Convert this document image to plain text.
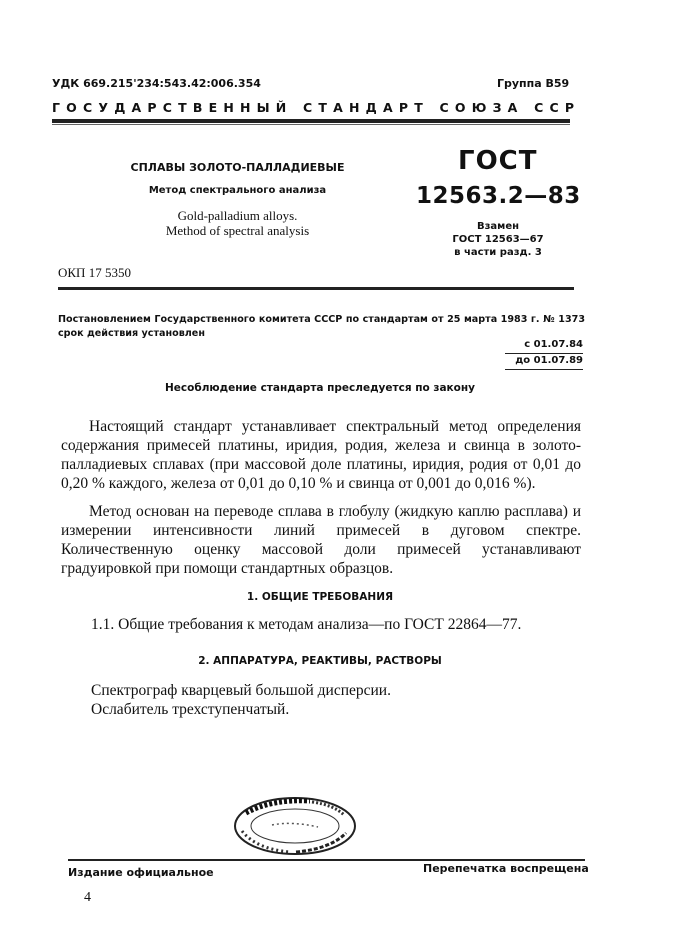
УДК 669.215'234:543.42:006.354	Группа В59
ГОСУДАРСТВЕННЫЙ СТАНДАРТ СОЮЗА ССР
СПЛАВЫ ЗОЛОТО-ПАЛЛАДИЕВЫЕ
Метод спектрального анализа
Gold-palladium alloys.
Method of spectral analysis
ГОСТ
12563.2—83
Взамен
ГОСТ 12563—67
в части разд. 3
ОКП 17 5350
Постановлением Государственного комитета СССР по стандартам от 25 марта 1983 г. № 1373 срок действия установлен
с 01.07.84
до 01.07.89
Несоблюдение стандарта преследуется по закону
Настоящий стандарт устанавливает спектральный метод определения содержания примесей платины, иридия, родия, железа и свинца в золото-палладиевых сплавах (при массовой доле платины, иридия, родия от 0,01 до 0,20 % каждого, железа от 0,01 до 0,10 % и свинца от 0,001 до 0,016 %).
Метод основан на переводе сплава в глобулу (жидкую каплю расплава) и измерении интенсивности линий примесей в дуговом спектре. Количественную оценку массовой доли примесей устанавливают градуировкой при помощи стандартных образцов.
1. ОБЩИЕ ТРЕБОВАНИЯ
1.1. Общие требования к методам анализа—по ГОСТ 22864—77.
2. АППАРАТУРА, РЕАКТИВЫ, РАСТВОРЫ
Спектрограф кварцевый большой дисперсии.
Ослабитель трехступенчатый.
Издание официальное	Перепечатка воспрещена
4
